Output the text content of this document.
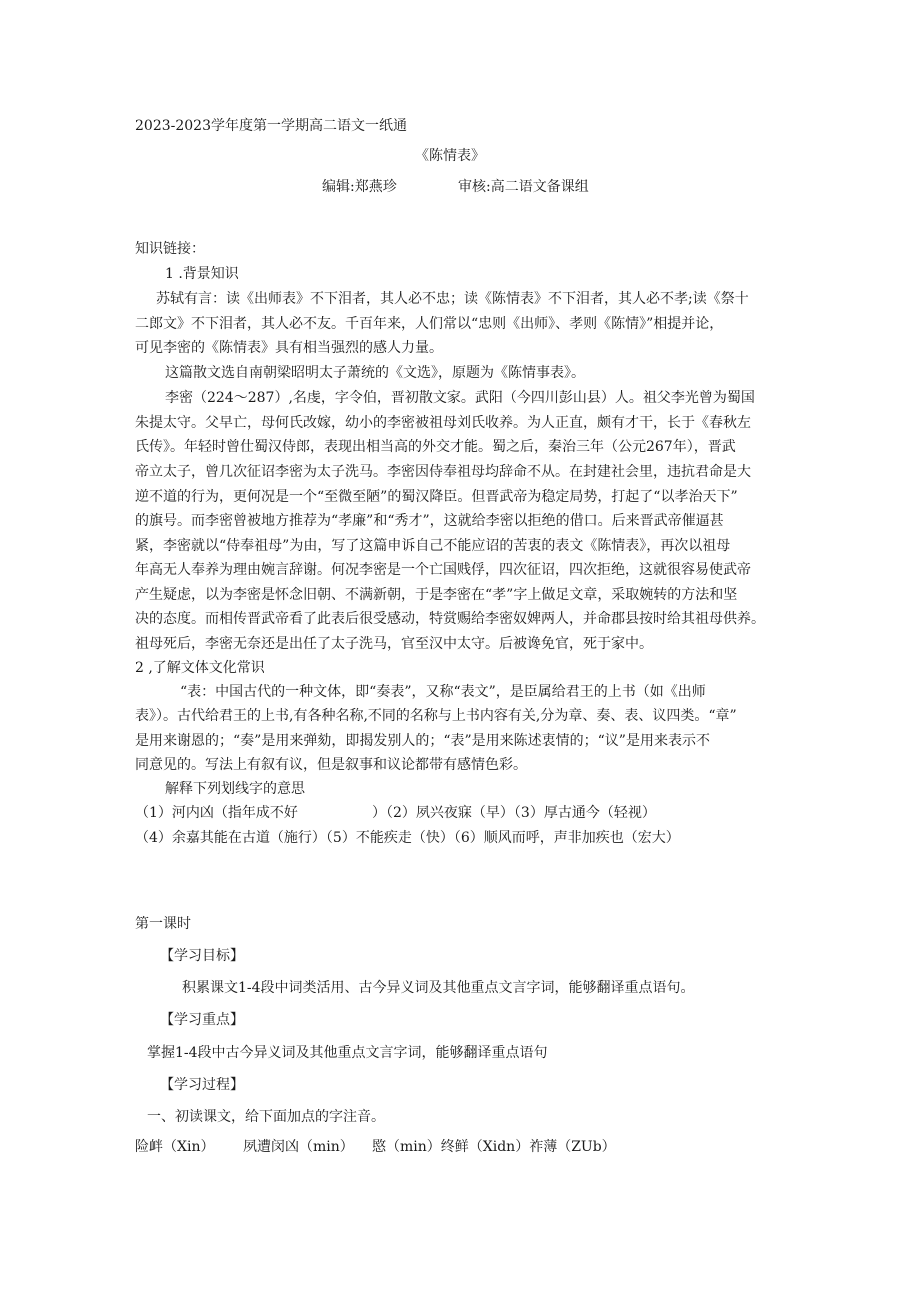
2023-2023学年度第一学期高二语文一纸通
《陈情表》
编辑:郑燕珍	审核:高二语文备课组
知识链接：
1 .背景知识
苏轼有言：读《出师表》不下泪者，其人必不忠；读《陈情表》不下泪者，其人必不孝;读《祭十
二郎文》不下泪者，其人必不友。千百年来，人们常以“忠则《出师》、孝则《陈情》”相提并论，
可见李密的《陈情表》具有相当强烈的感人力量。
这篇散文选自南朝梁昭明太子萧统的《文选》，原题为《陈情事表》。
李密（224～287）,名虔，字令伯，晋初散文家。武阳（今四川彭山县）人。祖父李光曾为蜀国
朱提太守。父早亡，母何氏改嫁，幼小的李密被祖母刘氏收养。为人正直，颇有才干，长于《春秋左
氏传》。年轻时曾仕蜀汉侍郎，表现出相当高的外交才能。蜀之后，秦治三年（公元267年），晋武
帝立太子，曾几次征诏李密为太子洗马。李密因侍奉祖母均辞命不从。在封建社会里，违抗君命是大
逆不道的行为，更何况是一个“至微至陋”的蜀汉降臣。但晋武帝为稳定局势，打起了“以孝治天下”
的旗号。而李密曾被地方推荐为“孝廉”和“秀才”，这就给李密以拒绝的借口。后来晋武帝催逼甚
紧，李密就以“侍奉祖母”为由，写了这篇申诉自己不能应诏的苦衷的表文《陈情表》，再次以祖母
年高无人奉养为理由婉言辞谢。何况李密是一个亡国贱俘，四次征诏，四次拒绝，这就很容易使武帝
产生疑虑，以为李密是怀念旧朝、不满新朝，于是李密在“孝”字上做足文章，采取婉转的方法和坚
决的态度。而相传晋武帝看了此表后很受感动，特赏赐给李密奴婢两人，并命郡县按时给其祖母供养。
祖母死后，李密无奈还是出任了太子洗马，官至汉中太守。后被谗免官，死于家中。
2 ,了解文体文化常识
“表：中国古代的一种文体，即“奏表”，又称“表文”，是臣属给君王的上书（如《出师
表》）。古代给君王的上书,有各种名称,不同的名称与上书内容有关,分为章、奏、表、议四类。“章”
是用来谢恩的；“奏”是用来弹劾，即揭发别人的；“表”是用来陈述衷情的；“议”是用来表示不
同意见的。写法上有叙有议，但是叙事和议论都带有感情色彩。
解释下列划线字的意思
（1）河内凶（指年成不好	）（2）夙兴夜寐（早）（3）厚古通今（轻视）
（4）余嘉其能在古道（施行）（5）不能疾走（快）（6）顺风而呼，声非加疾也（宏大）
第一课时
【学习目标】
积累课文1-4段中词类活用、古今异义词及其他重点文言字词，能够翻译重点语句。
【学习重点】
掌握1-4段中古今异义词及其他重点文言字词，能够翻译重点语句
【学习过程】
一、初读课文，给下面加点的字注音。
险衅（Xin） 夙遭闵凶（min） 愍（min）终鲜（Xidn）祚薄（ZUb）
